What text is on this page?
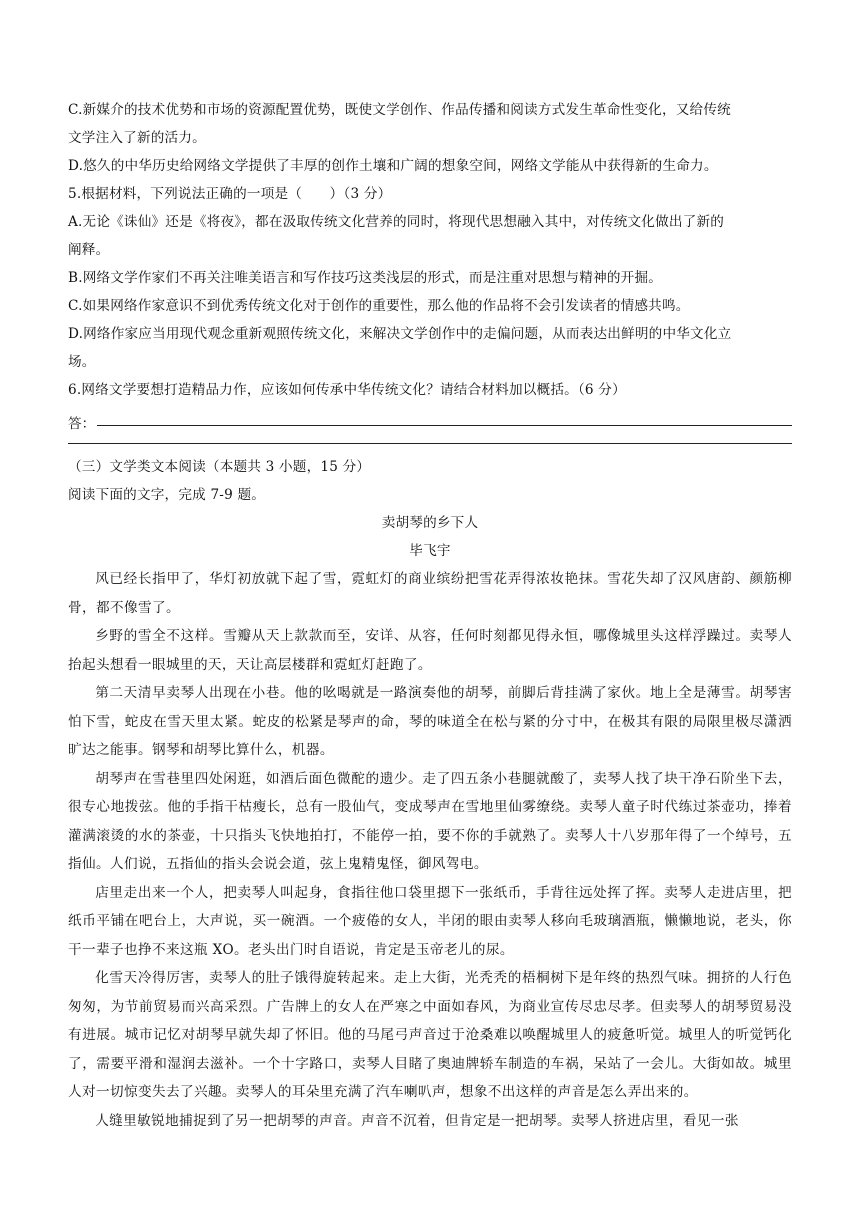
C.新媒介的技术优势和市场的资源配置优势，既使文学创作、作品传播和阅读方式发生革命性变化，又给传统
文学注入了新的活力。
D.悠久的中华历史给网络文学提供了丰厚的创作土壤和广阔的想象空间，网络文学能从中获得新的生命力。
5.根据材料，下列说法正确的一项是（　　）（3 分）
A.无论《诛仙》还是《将夜》，都在汲取传统文化营养的同时，将现代思想融入其中，对传统文化做出了新的
阐释。
B.网络文学作家们不再关注唯美语言和写作技巧这类浅层的形式，而是注重对思想与精神的开掘。
C.如果网络作家意识不到优秀传统文化对于创作的重要性，那么他的作品将不会引发读者的情感共鸣。
D.网络作家应当用现代观念重新观照传统文化，来解决文学创作中的走偏问题，从而表达出鲜明的中华文化立
场。
6.网络文学要想打造精品力作，应该如何传承中华传统文化？请结合材料加以概括。（6 分）
答：
（三）文学类文本阅读（本题共 3 小题，15 分）
阅读下面的文字，完成 7-9 题。
卖胡琴的乡下人
毕飞宇
风已经长指甲了，华灯初放就下起了雪，霓虹灯的商业缤纷把雪花弄得浓妆艳抹。雪花失却了汉风唐韵、颜筋柳骨，都不像雪了。
乡野的雪全不这样。雪瓣从天上款款而至，安详、从容，任何时刻都见得永恒，哪像城里头这样浮躁过。卖琴人抬起头想看一眼城里的天，天让高层楼群和霓虹灯赶跑了。
第二天清早卖琴人出现在小巷。他的吆喝就是一路演奏他的胡琴，前脚后背挂满了家伙。地上全是薄雪。胡琴害怕下雪，蛇皮在雪天里太紧。蛇皮的松紧是琴声的命，琴的味道全在松与紧的分寸中，在极其有限的局限里极尽潇洒旷达之能事。钢琴和胡琴比算什么，机器。
胡琴声在雪巷里四处闲逛，如酒后面色微酡的遗少。走了四五条小巷腿就酸了，卖琴人找了块干净石阶坐下去，很专心地拨弦。他的手指干枯瘦长，总有一股仙气，变成琴声在雪地里仙雾缭绕。卖琴人童子时代练过茶壶功，捧着灌满滚烫的水的茶壶，十只指头飞快地拍打，不能停一拍，要不你的手就熟了。卖琴人十八岁那年得了一个绰号，五指仙。人们说，五指仙的指头会说会道，弦上鬼精鬼怪，御风驾电。
店里走出来一个人，把卖琴人叫起身，食指往他口袋里摁下一张纸币，手背往远处挥了挥。卖琴人走进店里，把纸币平铺在吧台上，大声说，买一碗酒。一个疲倦的女人，半闭的眼由卖琴人移向毛玻璃酒瓶，懒懒地说，老头，你干一辈子也挣不来这瓶 XO。老头出门时自语说，肯定是玉帝老儿的尿。
化雪天冷得厉害，卖琴人的肚子饿得旋转起来。走上大街，光秃秃的梧桐树下是年终的热烈气味。拥挤的人行色匆匆，为节前贸易而兴高采烈。广告牌上的女人在严寒之中面如春风，为商业宣传尽忠尽孝。但卖琴人的胡琴贸易没有进展。城市记忆对胡琴早就失却了怀旧。他的马尾弓声音过于沧桑难以唤醒城里人的疲惫听觉。城里人的听觉钙化了，需要平滑和湿润去滋补。一个十字路口，卖琴人目睹了奥迪牌轿车制造的车祸，呆站了一会儿。大街如故。城里人对一切惊变失去了兴趣。卖琴人的耳朵里充满了汽车喇叭声，想象不出这样的声音是怎么弄出来的。
人缝里敏锐地捕捉到了另一把胡琴的声音。声音不沉着，但肯定是一把胡琴。卖琴人挤进店里，看见一张
